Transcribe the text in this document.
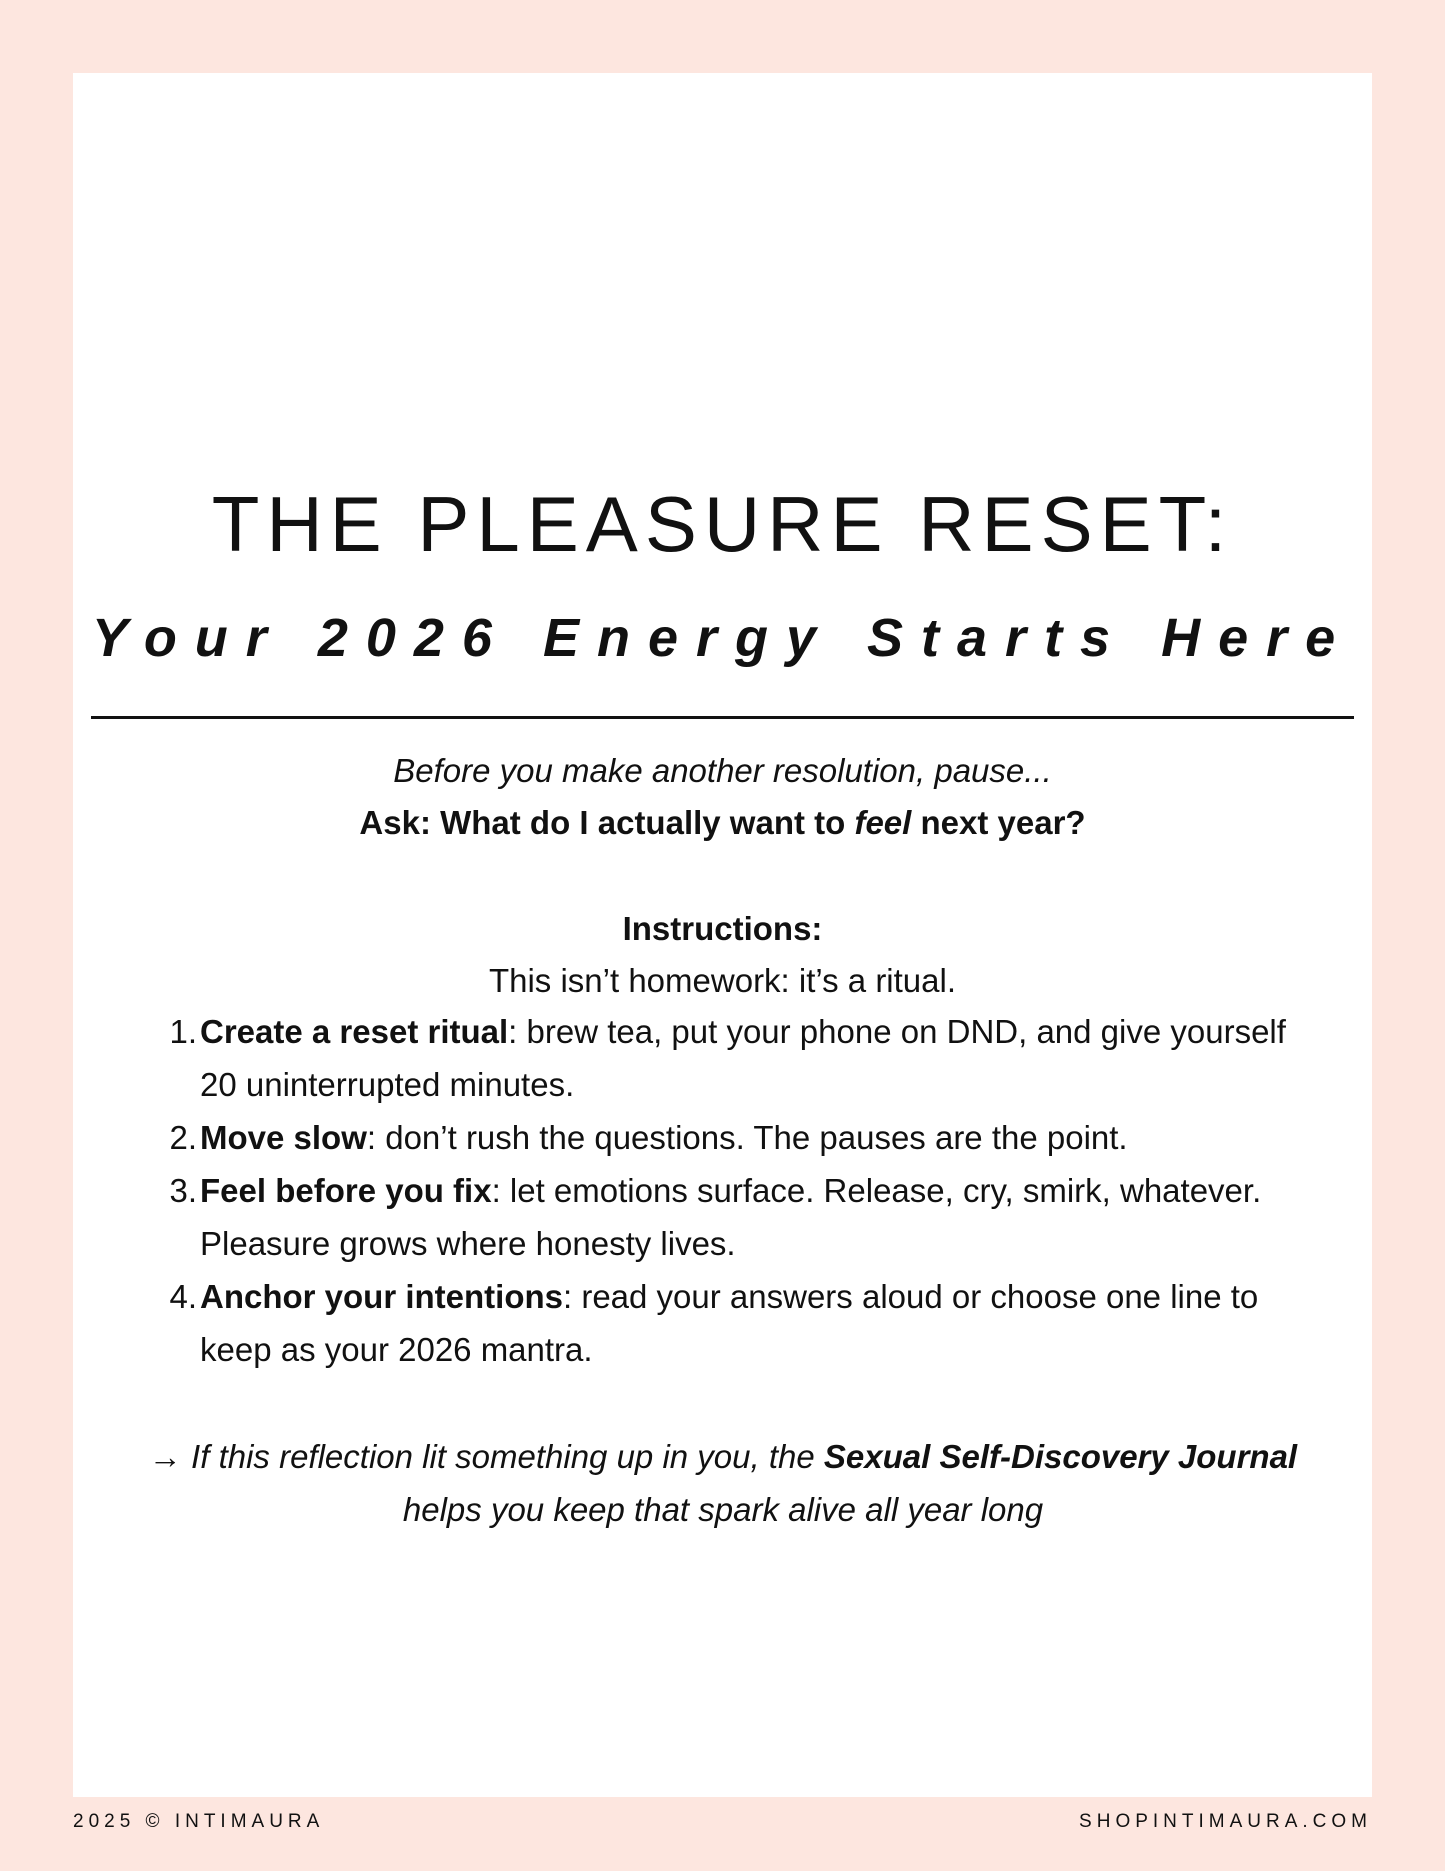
THE PLEASURE RESET:
Your 2026 Energy Starts Here

Before you make another resolution, pause...

Ask: What do I actually want to feel next year?

Instructions:

This isn’t homework: it’s a ritual.

1. Create a reset ritual: brew tea, put your phone on DND, and give yourself 20 uninterrupted minutes.
2. Move slow: don’t rush the questions. The pauses are the point.
3. Feel before you fix: let emotions surface. Release, cry, smirk, whatever. Pleasure grows where honesty lives.
4. Anchor your intentions: read your answers aloud or choose one line to keep as your 2026 mantra.

→ If this reflection lit something up in you, the Sexual Self-Discovery Journal helps you keep that spark alive all year long

2025 © INTIMAURA	SHOPINTIMAURA.COM
